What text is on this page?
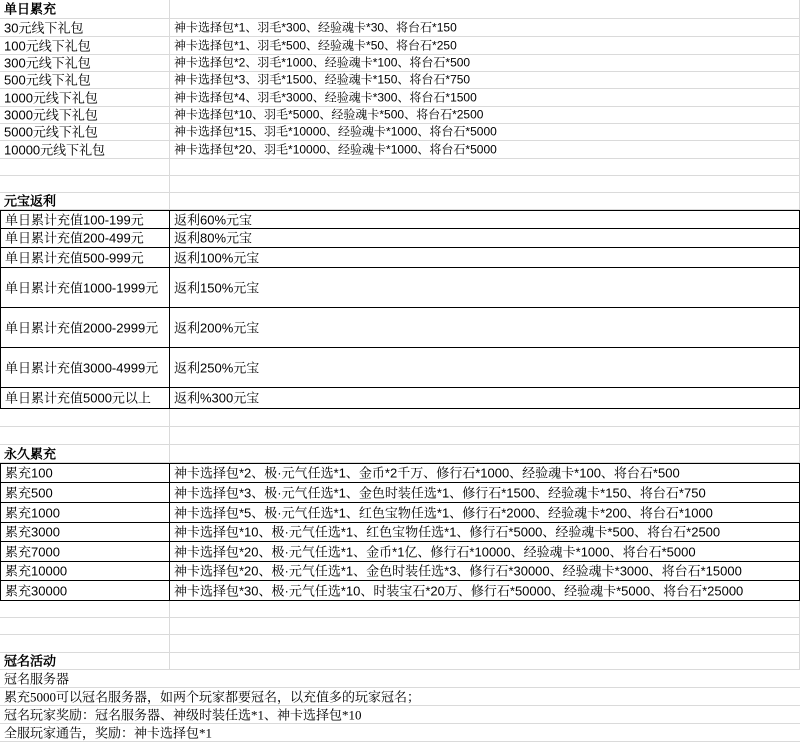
单日累充
30元线下礼包	神卡选择包*1、羽毛*300、经验魂卡*30、将台石*150
100元线下礼包	神卡选择包*1、羽毛*500、经验魂卡*50、将台石*250
300元线下礼包	神卡选择包*2、羽毛*1000、经验魂卡*100、将台石*500
500元线下礼包	神卡选择包*3、羽毛*1500、经验魂卡*150、将台石*750
1000元线下礼包	神卡选择包*4、羽毛*3000、经验魂卡*300、将台石*1500
3000元线下礼包	神卡选择包*10、羽毛*5000、经验魂卡*500、将台石*2500
5000元线下礼包	神卡选择包*15、羽毛*10000、经验魂卡*1000、将台石*5000
10000元线下礼包	神卡选择包*20、羽毛*10000、经验魂卡*1000、将台石*5000
元宝返利
单日累计充值100-199元	返利60%元宝
单日累计充值200-499元	返利80%元宝
单日累计充值500-999元	返利100%元宝
单日累计充值1000-1999元	返利150%元宝
单日累计充值2000-2999元	返利200%元宝
单日累计充值3000-4999元	返利250%元宝
单日累计充值5000元以上	返利%300元宝
永久累充
累充100	神卡选择包*2、极·元气任选*1、金币*2千万、修行石*1000、经验魂卡*100、将台石*500
累充500	神卡选择包*3、极·元气任选*1、金色时装任选*1、修行石*1500、经验魂卡*150、将台石*750
累充1000	神卡选择包*5、极·元气任选*1、红色宝物任选*1、修行石*2000、经验魂卡*200、将台石*1000
累充3000	神卡选择包*10、极·元气任选*1、红色宝物任选*1、修行石*5000、经验魂卡*500、将台石*2500
累充7000	神卡选择包*20、极·元气任选*1、金币*1亿、修行石*10000、经验魂卡*1000、将台石*5000
累充10000	神卡选择包*20、极·元气任选*1、金色时装任选*3、修行石*30000、经验魂卡*3000、将台石*15000
累充30000	神卡选择包*30、极·元气任选*10、时装宝石*20万、修行石*50000、经验魂卡*5000、将台石*25000
冠名活动
冠名服务器
累充5000可以冠名服务器，如两个玩家都要冠名，以充值多的玩家冠名；
冠名玩家奖励：冠名服务器、神级时装任选*1、神卡选择包*10
全服玩家通告，奖励：神卡选择包*1
